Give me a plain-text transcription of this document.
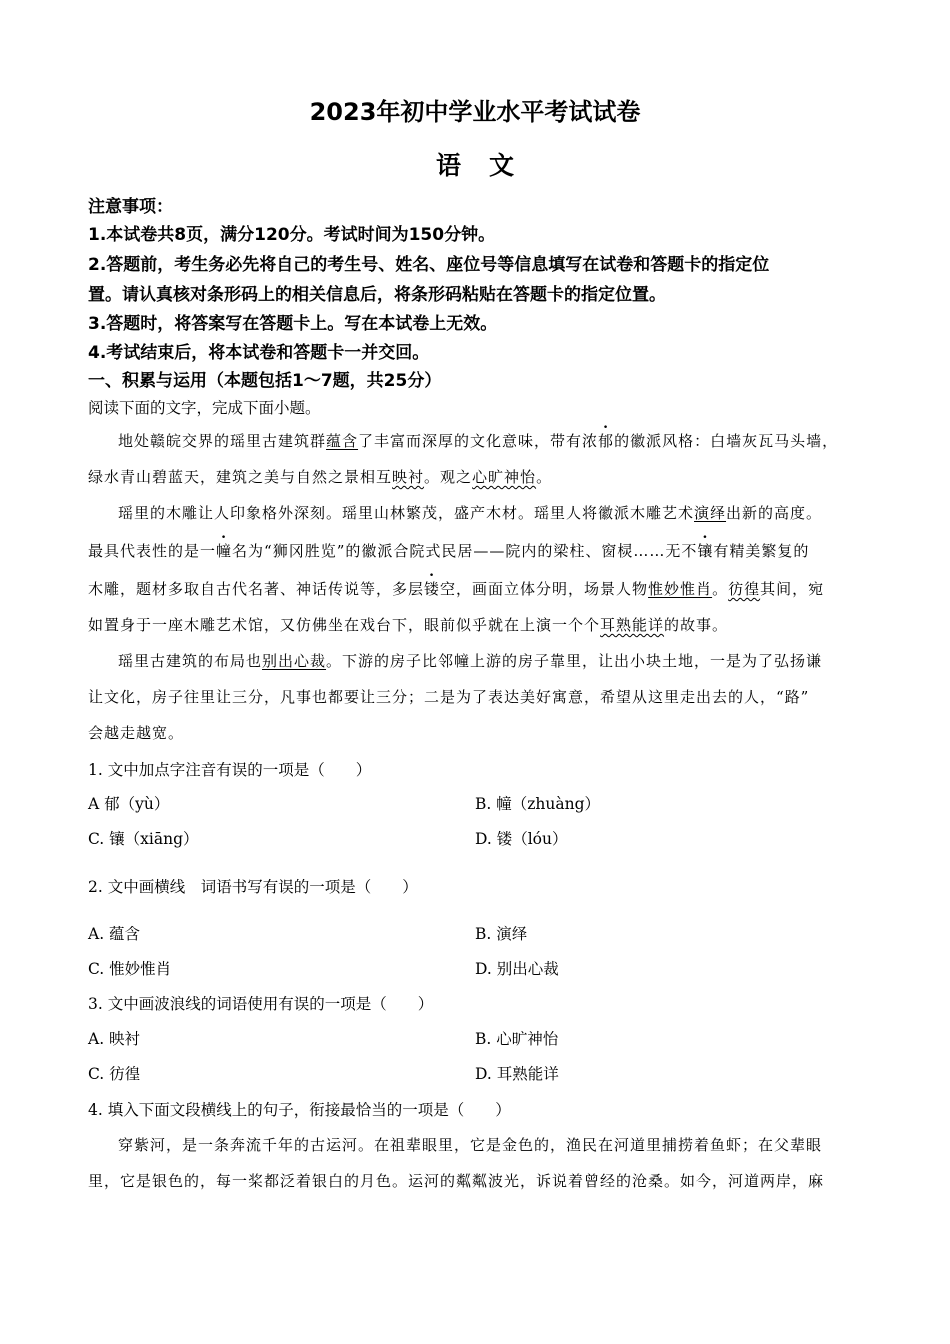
2023年初中学业水平考试试卷
语文
注意事项：
1.本试卷共8页，满分120分。考试时间为150分钟。
2.答题前，考生务必先将自己的考生号、姓名、座位号等信息填写在试卷和答题卡的指定位
置。请认真核对条形码上的相关信息后，将条形码粘贴在答题卡的指定位置。
3.答题时，将答案写在答题卡上。写在本试卷上无效。
4.考试结束后，将本试卷和答题卡一并交回。
一、积累与运用（本题包括1～7题，共25分）
阅读下面的文字，完成下面小题。
地处赣皖交界的瑶里古建筑群蕴含了丰富而深厚的文化意味，带有浓郁的徽派风格：白墙灰瓦马头墙，
绿水青山碧蓝天，建筑之美与自然之景相互映衬。观之心旷神怡。
瑶里的木雕让人印象格外深刻。瑶里山林繁茂，盛产木材。瑶里人将徽派木雕艺术演绎出新的高度。
最具代表性的是一幢名为“狮冈胜览”的徽派合院式民居——院内的梁柱、窗棂……无不镶有精美繁复的
木雕，题材多取自古代名著、神话传说等，多层镂空，画面立体分明，场景人物惟妙惟肖。彷徨其间，宛
如置身于一座木雕艺术馆，又仿佛坐在戏台下，眼前似乎就在上演一个个耳熟能详的故事。
瑶里古建筑的布局也别出心裁。下游的房子比邻幢上游的房子靠里，让出小块土地，一是为了弘扬谦
让文化，房子往里让三分，凡事也都要让三分；二是为了表达美好寓意，希望从这里走出去的人，“路”
会越走越宽。
1. 文中加点字注音有误的一项是（　　）
A 郁（yù）	B. 幢（zhuàng）
C. 镶（xiāng）	D. 镂（lóu）
2. 文中画横线　词语书写有误的一项是（　　）
A. 蕴含	B. 演绎
C. 惟妙惟肖	D. 别出心裁
3. 文中画波浪线的词语使用有误的一项是（　　）
A. 映衬	B. 心旷神怡
C. 彷徨	D. 耳熟能详
4. 填入下面文段横线上的句子，衔接最恰当的一项是（　　）
穿紫河，是一条奔流千年的古运河。在祖辈眼里，它是金色的，渔民在河道里捕捞着鱼虾；在父辈眼
里，它是银色的，每一桨都泛着银白的月色。运河的粼粼波光，诉说着曾经的沧桑。如今，河道两岸，麻
